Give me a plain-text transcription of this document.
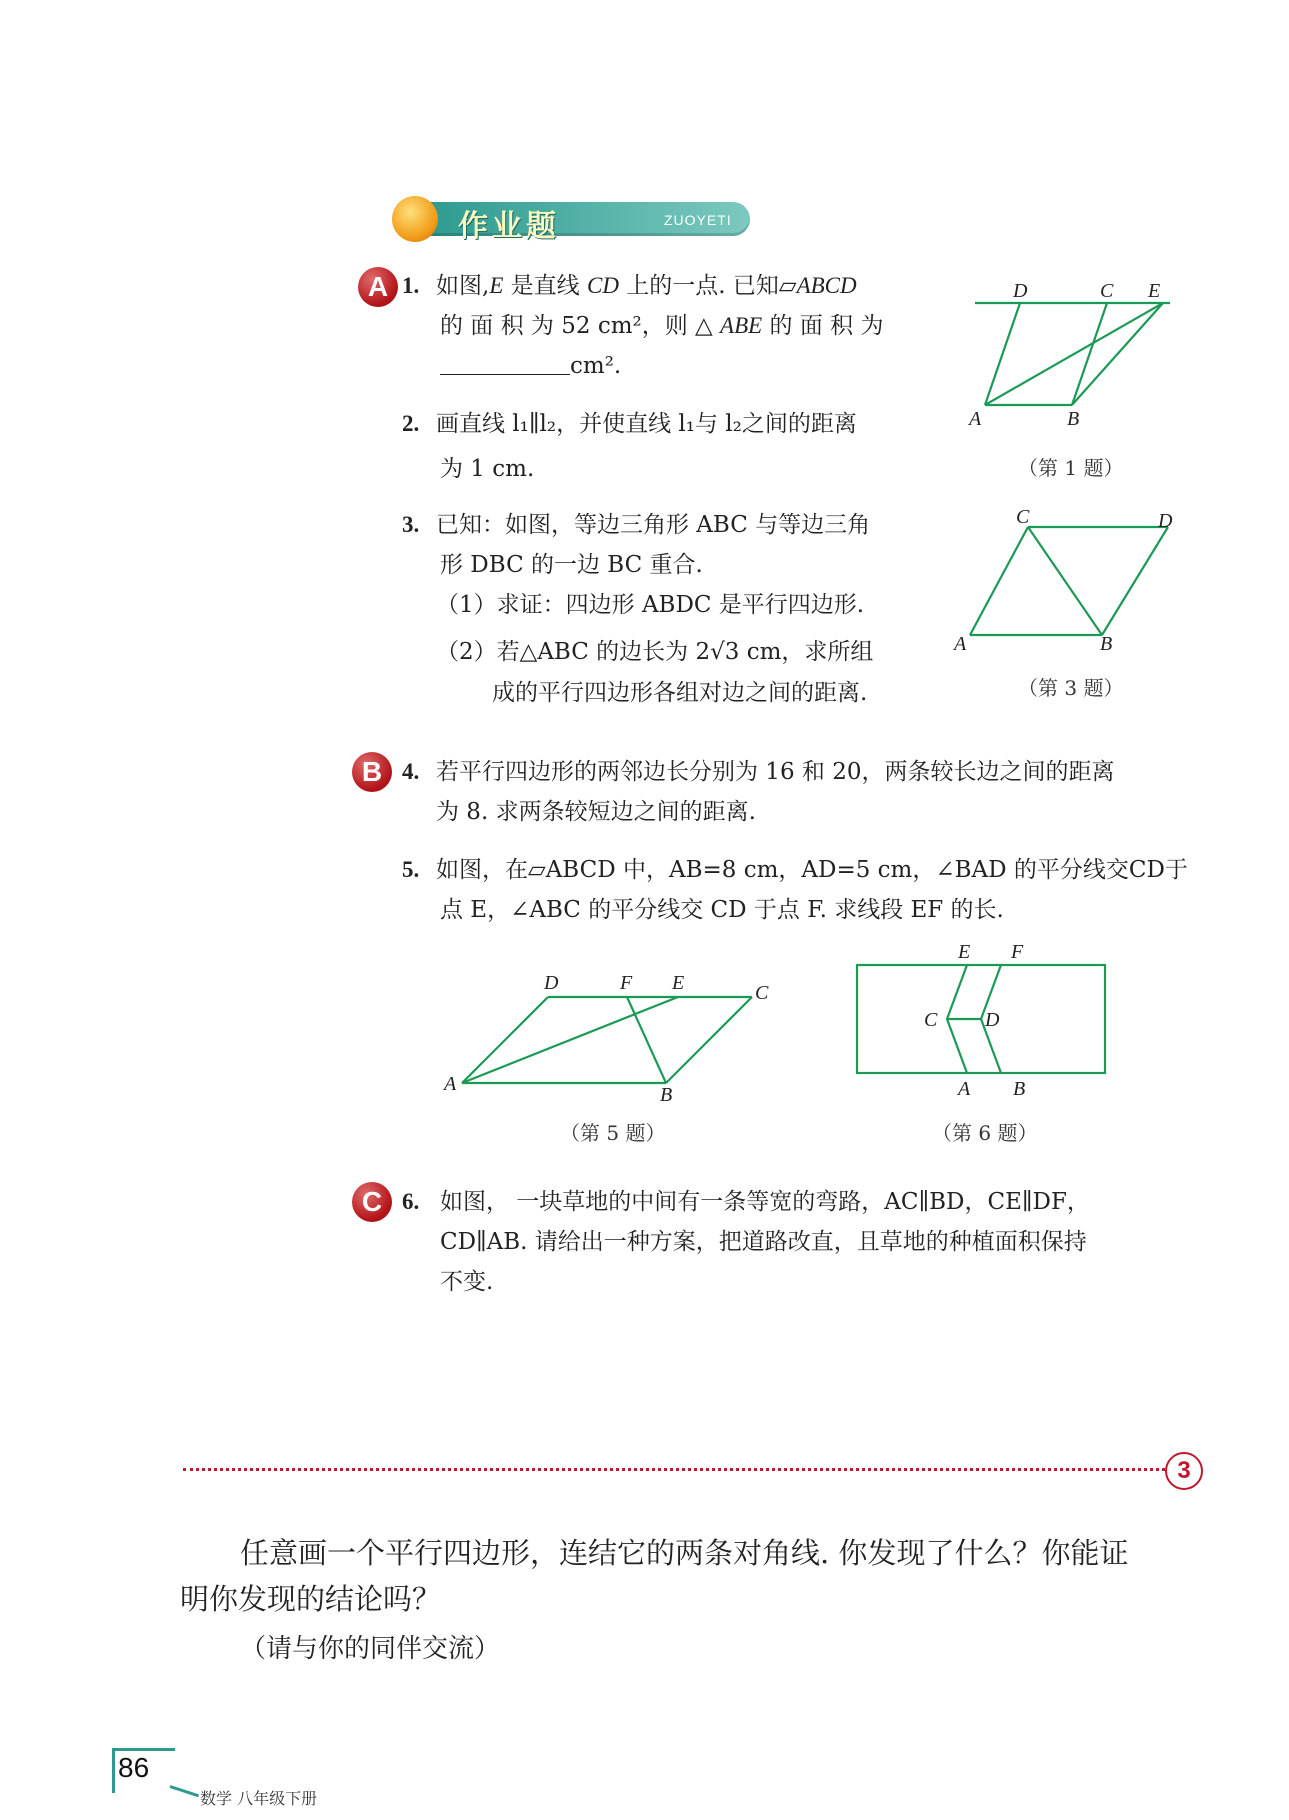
作业题	ZUOYETI
A 1. 如图,E 是直线 CD 上的一点. 已知▱ABCD
的 面 积 为 52 cm²，则 △ ABE 的 面 积 为
cm².
2. 画直线 l₁∥l₂，并使直线 l₁与 l₂之间的距离
为 1 cm.
3. 已知：如图，等边三角形 ABC 与等边三角
形 DBC 的一边 BC 重合.
（1）求证：四边形 ABDC 是平行四边形.
（2）若△ABC 的边长为 2√3 cm，求所组
成的平行四边形各组对边之间的距离.
D	C E
A	B
（第 1 题）
C	D
A	B
（第 3 题）
B 4. 若平行四边形的两邻边长分别为 16 和 20，两条较长边之间的距离
为 8. 求两条较短边之间的距离.
5. 如图，在▱ABCD 中，AB=8 cm，AD=5 cm，∠BAD 的平分线交CD于
点 E，∠ABC 的平分线交 CD 于点 F. 求线段 EF 的长.
D	F E	C
A	B
（第 5 题）
E F
C D
A B
（第 6 题）
C 6. 如图， 一块草地的中间有一条等宽的弯路，AC∥BD，CE∥DF，
CD∥AB. 请给出一种方案，把道路改直，且草地的种植面积保持
不变.
3
任意画一个平行四边形，连结它的两条对角线. 你发现了什么？你能证
明你发现的结论吗？
（请与你的同伴交流）
86
数学 八年级下册
